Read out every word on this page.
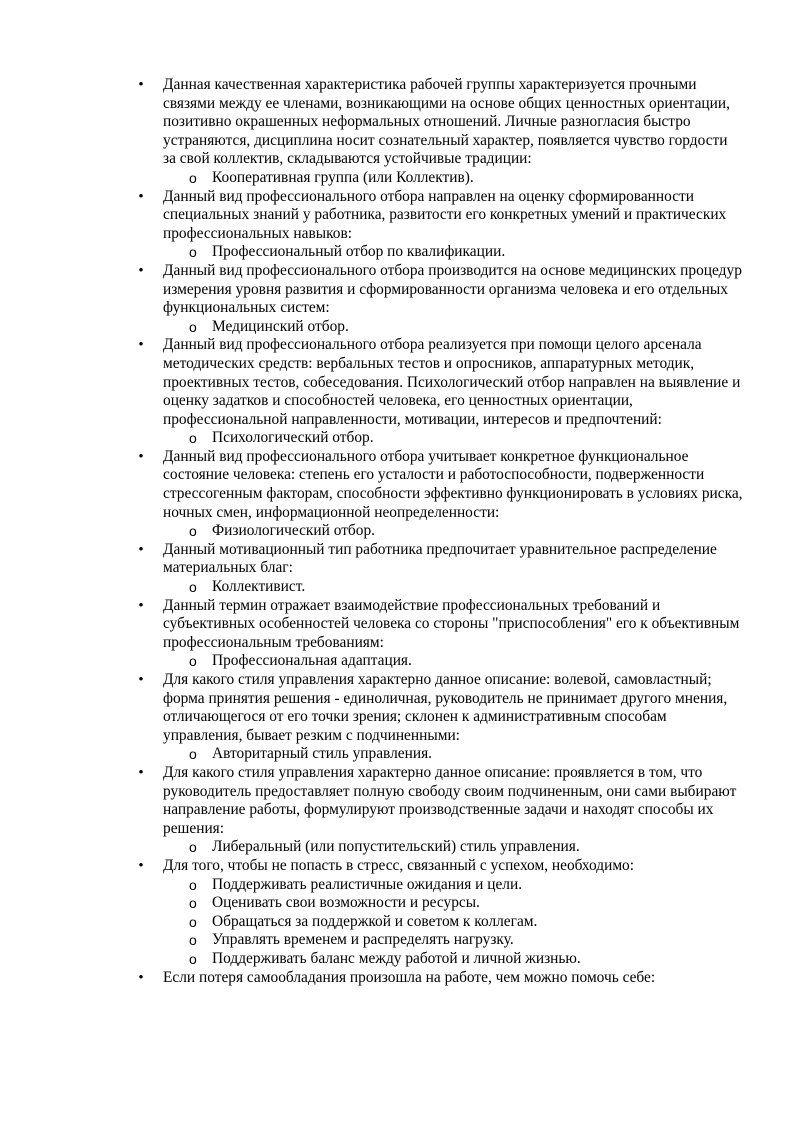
• Данная качественная характеристика рабочей группы характеризуется прочными связями между ее членами, возникающими на основе общих ценностных ориентации, позитивно окрашенных неформальных отношений. Личные разногласия быстро устраняются, дисциплина носит сознательный характер, появляется чувство гордости за свой коллектив, складываются устойчивые традиции:
o Кооперативная группа (или Коллектив).
• Данный вид профессионального отбора направлен на оценку сформированности специальных знаний у работника, развитости его конкретных умений и практических профессиональных навыков:
o Профессиональный отбор по квалификации.
• Данный вид профессионального отбора производится на основе медицинских процедур измерения уровня развития и сформированности организма человека и его отдельных функциональных систем:
o Медицинский отбор.
• Данный вид профессионального отбора реализуется при помощи целого арсенала методических средств: вербальных тестов и опросников, аппаратурных методик, проективных тестов, собеседования. Психологический отбор направлен на выявление и оценку задатков и способностей человека, его ценностных ориентации, профессиональной направленности, мотивации, интересов и предпочтений:
o Психологический отбор.
• Данный вид профессионального отбора учитывает конкретное функциональное состояние человека: степень его усталости и работоспособности, подверженности стрессогенным факторам, способности эффективно функционировать в условиях риска, ночных смен, информационной неопределенности:
o Физиологический отбор.
• Данный мотивационный тип работника предпочитает уравнительное распределение материальных благ:
o Коллективист.
• Данный термин отражает взаимодействие профессиональных требований и субъективных особенностей человека со стороны "приспособления" его к объективным профессиональным требованиям:
o Профессиональная адаптация.
• Для какого стиля управления характерно данное описание: волевой, самовластный; форма принятия решения - единоличная, руководитель не принимает другого мнения, отличающегося от его точки зрения; склонен к административным способам управления, бывает резким с подчиненными:
o Авторитарный стиль управления.
• Для какого стиля управления характерно данное описание: проявляется в том, что руководитель предоставляет полную свободу своим подчиненным, они сами выбирают направление работы, формулируют производственные задачи и находят способы их решения:
o Либеральный (или попустительский) стиль управления.
• Для того, чтобы не попасть в стресс, связанный с успехом, необходимо:
o Поддерживать реалистичные ожидания и цели.
o Оценивать свои возможности и ресурсы.
o Обращаться за поддержкой и советом к коллегам.
o Управлять временем и распределять нагрузку.
o Поддерживать баланс между работой и личной жизнью.
• Если потеря самообладания произошла на работе, чем можно помочь себе:
